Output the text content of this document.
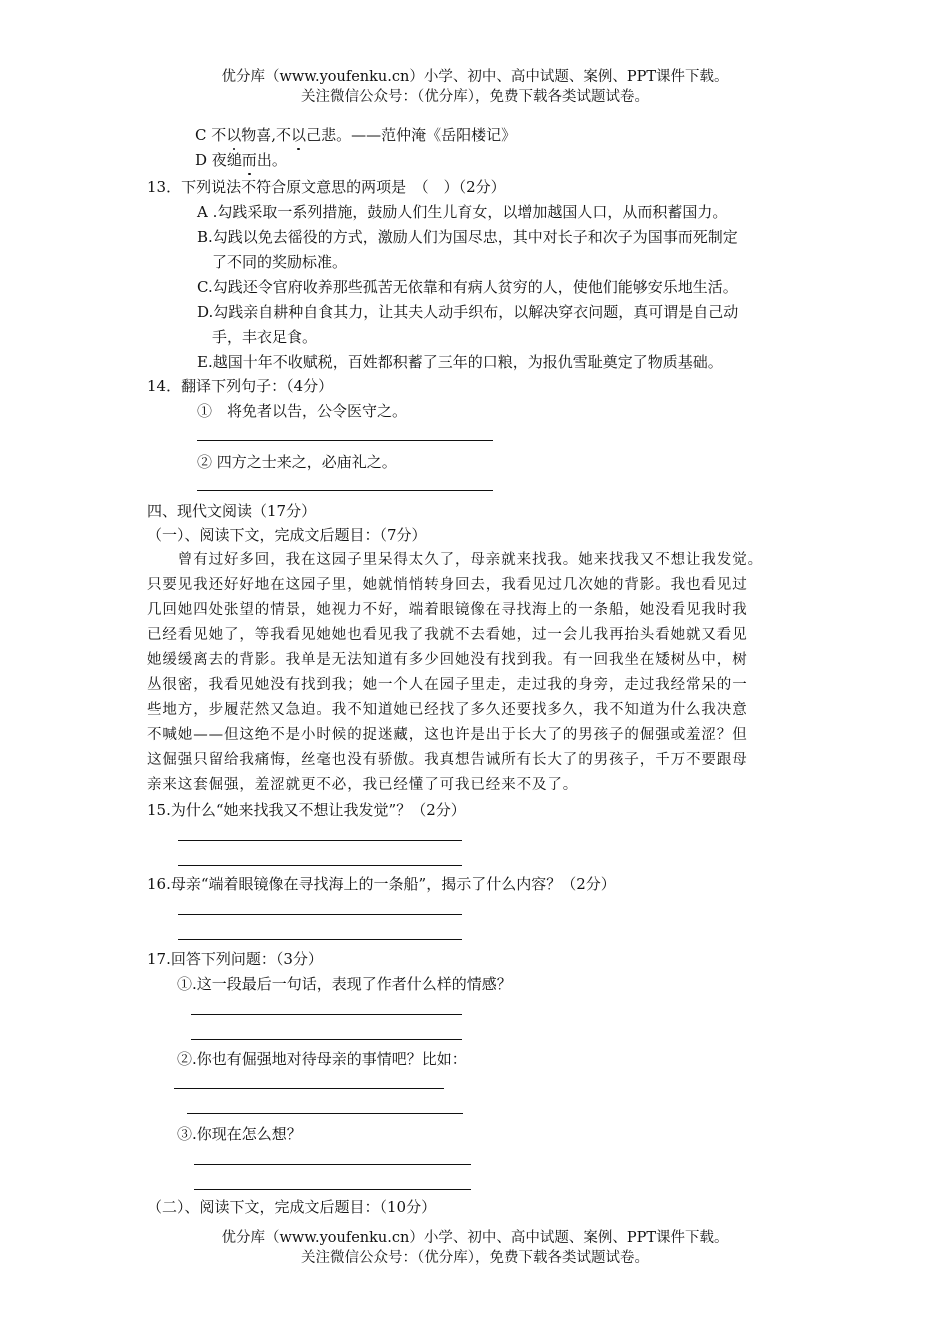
优分库（www.youfenku.cn）小学、初中、高中试题、案例、PPT课件下载。
关注微信公众号：（优分库），免费下载各类试题试卷。
C 不以物喜,不以己悲。——范仲淹《岳阳楼记》
D 夜缒而出。
13．下列说法不符合原文意思的两项是　（　）（2分）
A .勾践采取一系列措施，鼓励人们生儿育女，以增加越国人口，从而积蓄国力。
B.勾践以免去徭役的方式，激励人们为国尽忠，其中对长子和次子为国事而死制定
了不同的奖励标准。
C.勾践还令官府收养那些孤苦无依靠和有病人贫穷的人，使他们能够安乐地生活。
D.勾践亲自耕种自食其力，让其夫人动手织布，以解决穿衣问题，真可谓是自己动
手，丰衣足食。
E.越国十年不收赋税，百姓都积蓄了三年的口粮，为报仇雪耻奠定了物质基础。
14．翻译下列句子：（4分）
①　将免者以告，公令医守之。
② 四方之士来之，必庙礼之。
四、现代文阅读（17分）
（一）、阅读下文，完成文后题目：（7分）
　　曾有过好多回，我在这园子里呆得太久了，母亲就来找我。她来找我又不想让我发觉。
只要见我还好好地在这园子里，她就悄悄转身回去，我看见过几次她的背影。我也看见过
几回她四处张望的情景，她视力不好，端着眼镜像在寻找海上的一条船，她没看见我时我
已经看见她了，等我看见她她也看见我了我就不去看她，过一会儿我再抬头看她就又看见
她缓缓离去的背影。我单是无法知道有多少回她没有找到我。有一回我坐在矮树丛中，树
丛很密，我看见她没有找到我；她一个人在园子里走，走过我的身旁，走过我经常呆的一
些地方，步履茫然又急迫。我不知道她已经找了多久还要找多久，我不知道为什么我决意
不喊她——但这绝不是小时候的捉迷藏，这也许是出于长大了的男孩子的倔强或羞涩？但
这倔强只留给我痛悔，丝毫也没有骄傲。我真想告诫所有长大了的男孩子，千万不要跟母
亲来这套倔强，羞涩就更不必，我已经懂了可我已经来不及了。
15.为什么“她来找我又不想让我发觉”？（2分）
16.母亲“端着眼镜像在寻找海上的一条船”，揭示了什么内容？（2分）
17.回答下列问题：（3分）
①.这一段最后一句话，表现了作者什么样的情感？
②.你也有倔强地对待母亲的事情吧？比如：
③.你现在怎么想？
（二）、阅读下文，完成文后题目：（10分）
优分库（www.youfenku.cn）小学、初中、高中试题、案例、PPT课件下载。
关注微信公众号：（优分库），免费下载各类试题试卷。
